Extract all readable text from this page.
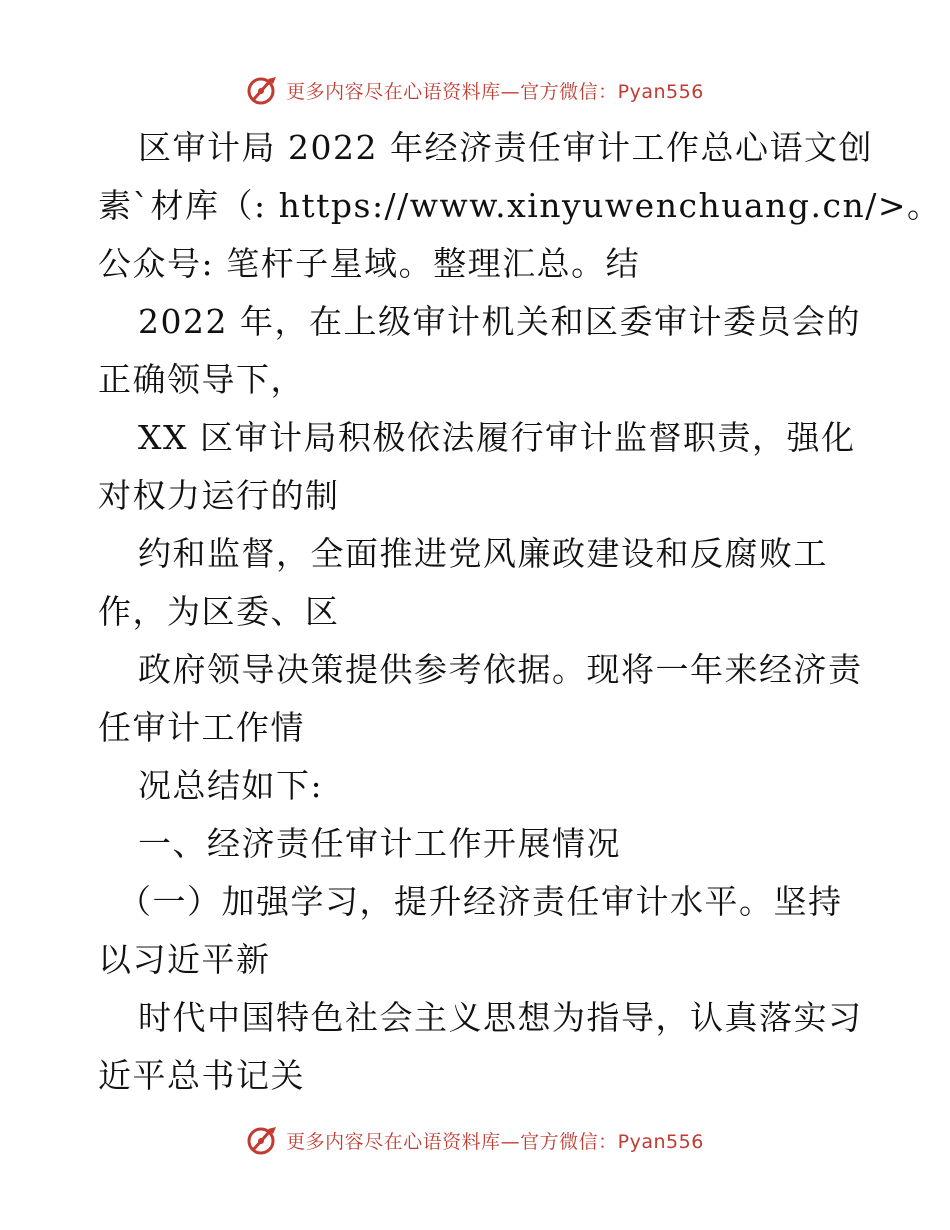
更多内容尽在心语资料库—官方微信：Pyan556
区审计局 2022 年经济责任审计工作总心语文创
素`材库（: https://www.xinyuwenchuang.cn/>。
公众号: 笔杆子星域。整理汇总。结
2022 年，在上级审计机关和区委审计委员会的
正确领导下，
XX 区审计局积极依法履行审计监督职责，强化
对权力运行的制
约和监督，全面推进党风廉政建设和反腐败工
作，为区委、区
政府领导决策提供参考依据。现将一年来经济责
任审计工作情
况总结如下:
一、经济责任审计工作开展情况
（一）加强学习，提升经济责任审计水平。坚持
以习近平新
时代中国特色社会主义思想为指导，认真落实习
近平总书记关
更多内容尽在心语资料库—官方微信：Pyan556
